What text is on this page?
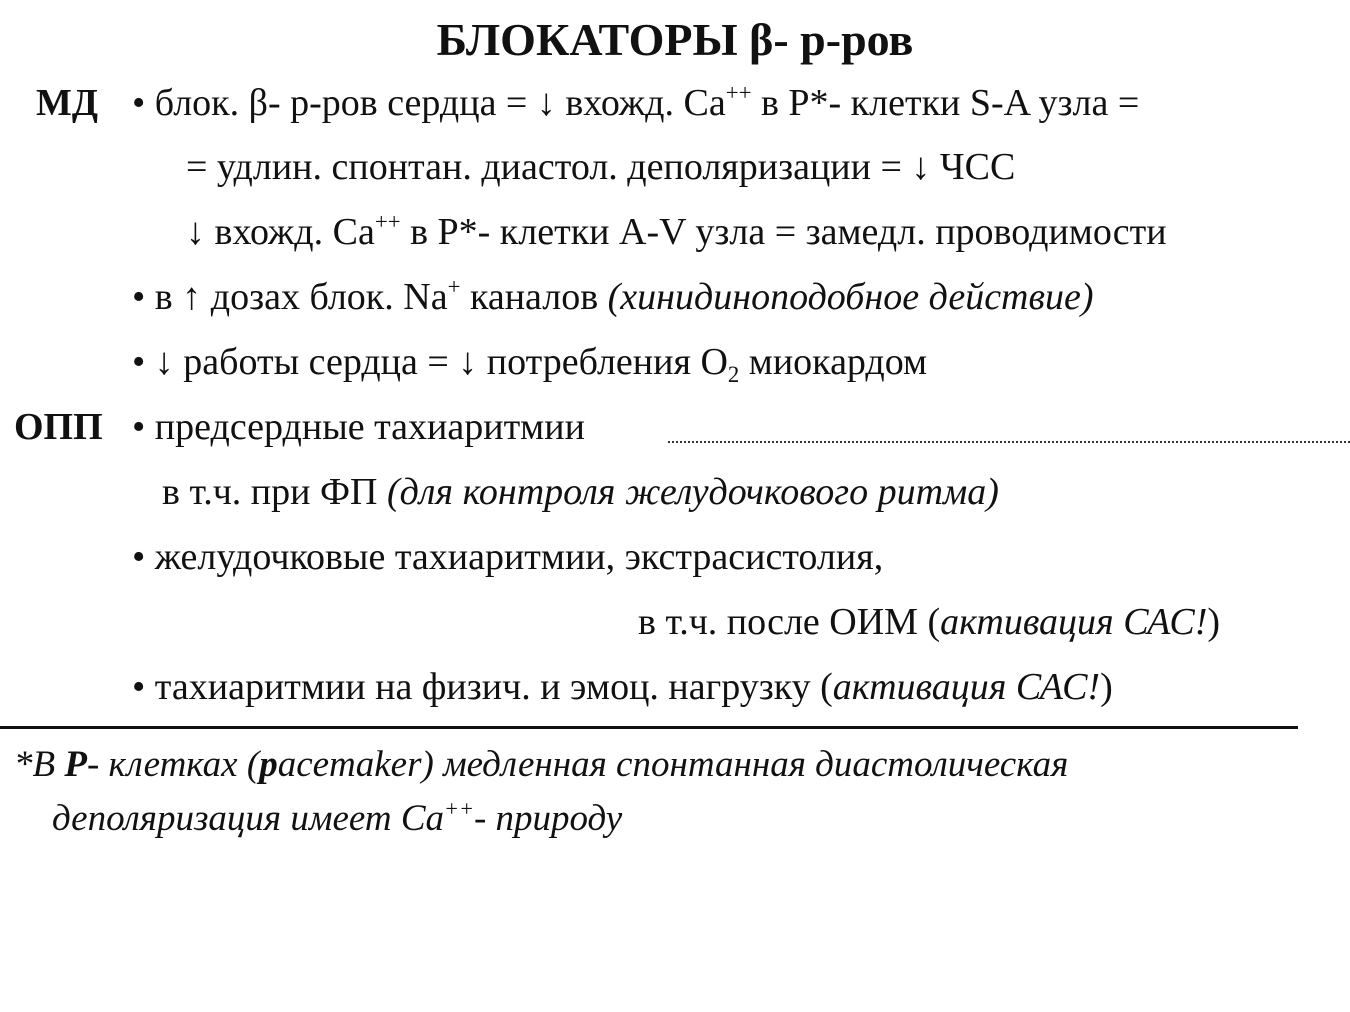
БЛОКАТОРЫ β- р-ров
МД • блок. β- р-ров сердца = ↓ вхожд. Ca++ в P*- клетки S-A узла =
= удлин. спонтан. диастол. деполяризации = ↓ ЧСС
↓ вхожд. Ca++ в P*- клетки A-V узла = замедл. проводимости
• в ↑ дозах блок. Na+ каналов (хинидиноподобное действие)
• ↓ работы сердца = ↓ потребления $O_2$ миокардом
ОПП • предсердные тахиаритмии
в т.ч. при ФП (для контроля желудочкового ритма)
• желудочковые тахиаритмии, экстрасистолия,
в т.ч. после ОИМ (активация САС!)
• тахиаритмии на физич. и эмоц. нагрузку (активация САС!)
*В Р- клетках (pacemaker) медленная спонтанная диастолическая
деполяризация имеет Ca++- природу
